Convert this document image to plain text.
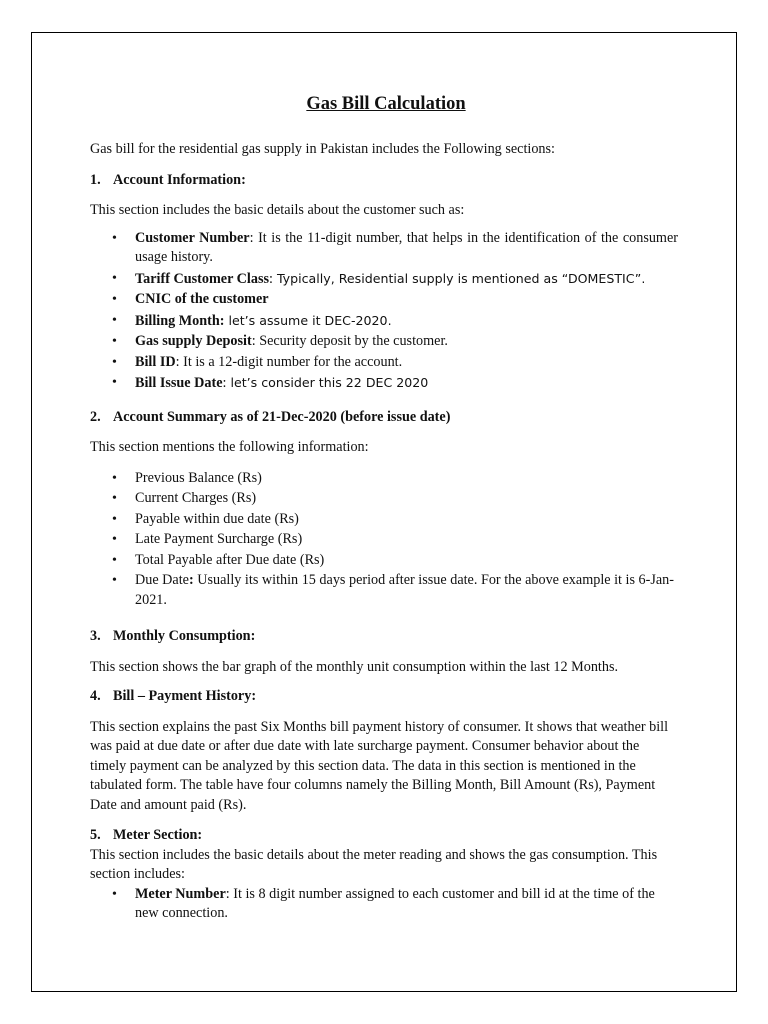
Gas Bill Calculation

Gas bill for the residential gas supply in Pakistan includes the Following sections:

1. Account Information:

This section includes the basic details about the customer such as:

• Customer Number: It is the 11-digit number, that helps in the identification of the consumer usage history.
• Tariff Customer Class: Typically, Residential supply is mentioned as “DOMESTIC”.
• CNIC of the customer
• Billing Month: let’s assume it DEC-2020.
• Gas supply Deposit: Security deposit by the customer.
• Bill ID: It is a 12-digit number for the account.
• Bill Issue Date: let’s consider this 22 DEC 2020

2. Account Summary as of 21-Dec-2020 (before issue date)

This section mentions the following information:

• Previous Balance (Rs)
• Current Charges (Rs)
• Payable within due date (Rs)
• Late Payment Surcharge (Rs)
• Total Payable after Due date (Rs)
• Due Date: Usually its within 15 days period after issue date. For the above example it is 6-Jan-2021.

3. Monthly Consumption:

This section shows the bar graph of the monthly unit consumption within the last 12 Months.

4. Bill – Payment History:

This section explains the past Six Months bill payment history of consumer. It shows that weather bill was paid at due date or after due date with late surcharge payment. Consumer behavior about the timely payment can be analyzed by this section data. The data in this section is mentioned in the tabulated form. The table have four columns namely the Billing Month, Bill Amount (Rs), Payment Date and amount paid (Rs).

5. Meter Section:

This section includes the basic details about the meter reading and shows the gas consumption. This section includes:

• Meter Number: It is 8 digit number assigned to each customer and bill id at the time of the new connection.
